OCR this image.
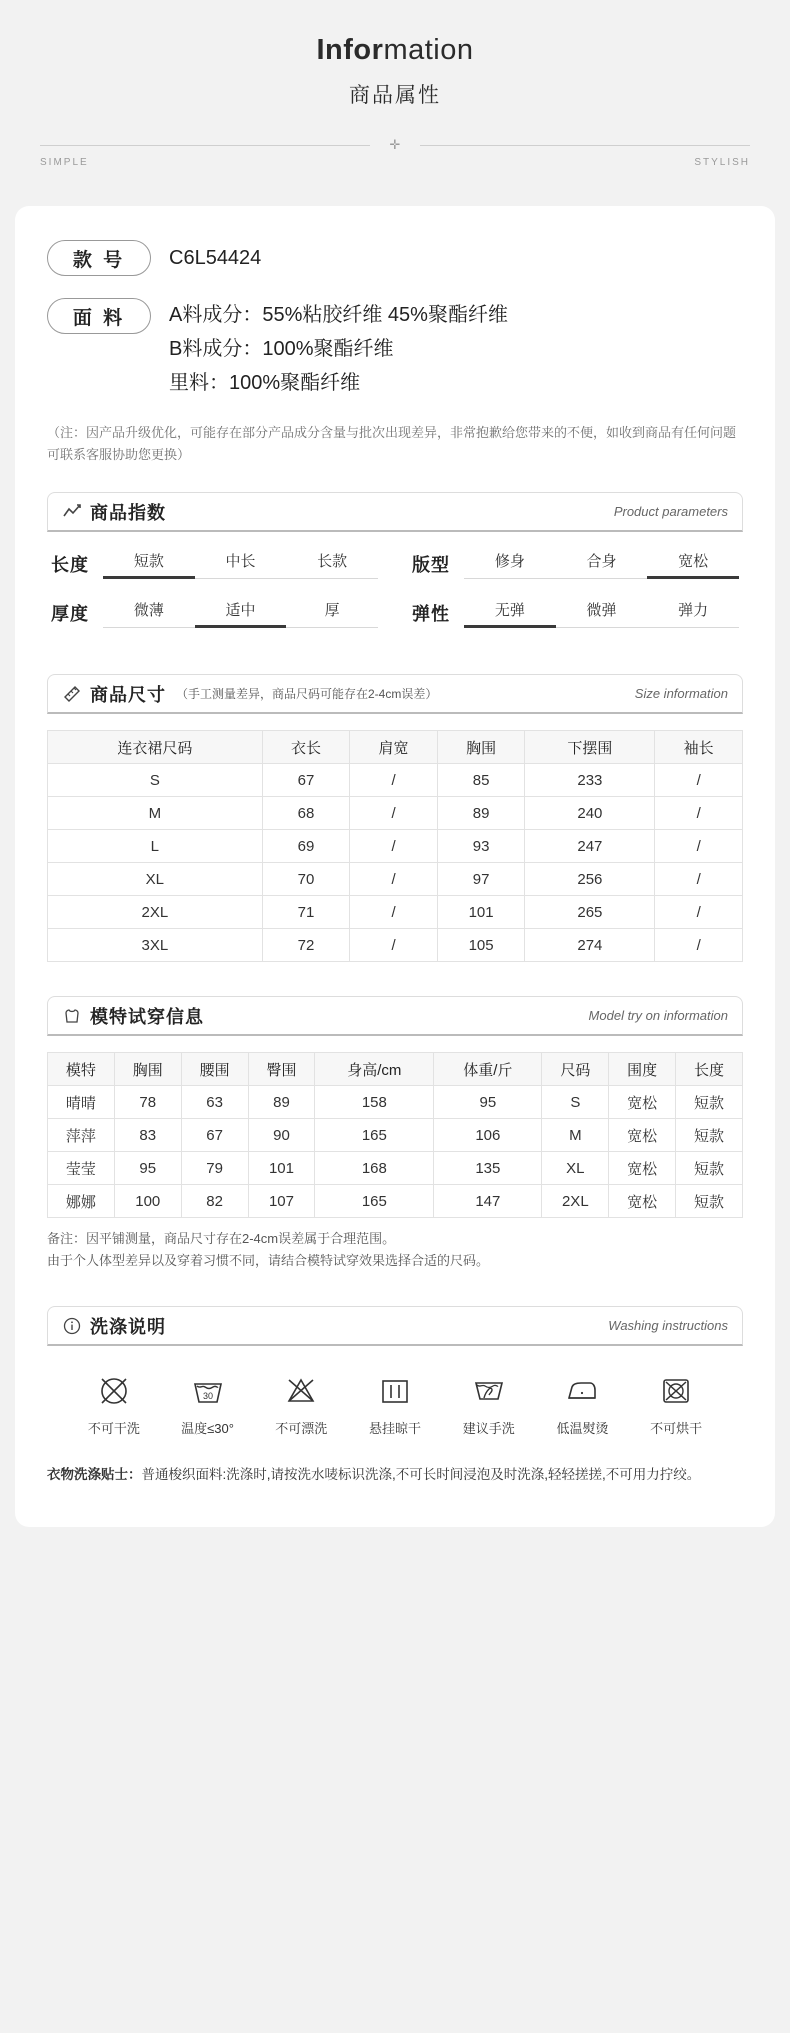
Information
商品属性
✛
SIMPLE	STYLISH
款 号	C6L54424
面 料	A料成分：55%粘胶纤维 45%聚酯纤维
B料成分：100%聚酯纤维
里料：100%聚酯纤维
（注：因产品升级优化，可能存在部分产品成分含量与批次出现差异，非常抱歉给您带来的不便，如收到商品有任何问题可联系客服协助您更换）
商品指数	Product parameters
长度	短款	中长	长款
厚度	微薄	适中	厚
版型	修身	合身	宽松
弹性	无弹	微弹	弹力
商品尺寸 （手工测量差异，商品尺码可能存在2-4cm误差）	Size information
连衣裙尺码	衣长	肩宽	胸围	下摆围	袖长
S	67	/	85	233	/
M	68	/	89	240	/
L	69	/	93	247	/
XL	70	/	97	256	/
2XL	71	/	101	265	/
3XL	72	/	105	274	/
模特试穿信息	Model try on information
模特	胸围	腰围	臀围	身高/cm	体重/斤	尺码	围度	长度
晴晴	78	63	89	158	95	S	宽松	短款
萍萍	83	67	90	165	106	M	宽松	短款
莹莹	95	79	101	168	135	XL	宽松	短款
娜娜	100	82	107	165	147	2XL	宽松	短款
备注：因平铺测量，商品尺寸存在2-4cm误差属于合理范围。
由于个人体型差异以及穿着习惯不同，请结合模特试穿效果选择合适的尺码。
洗涤说明	Washing instructions
不可干洗
30
温度≤30°	不可漂洗	悬挂晾干	建议手洗	低温熨烫	不可烘干
衣物洗涤贴士：普通梭织面料:洗涤时,请按洗水唛标识洗涤,不可长时间浸泡及时洗涤,轻轻搓搓,不可用力拧绞。
